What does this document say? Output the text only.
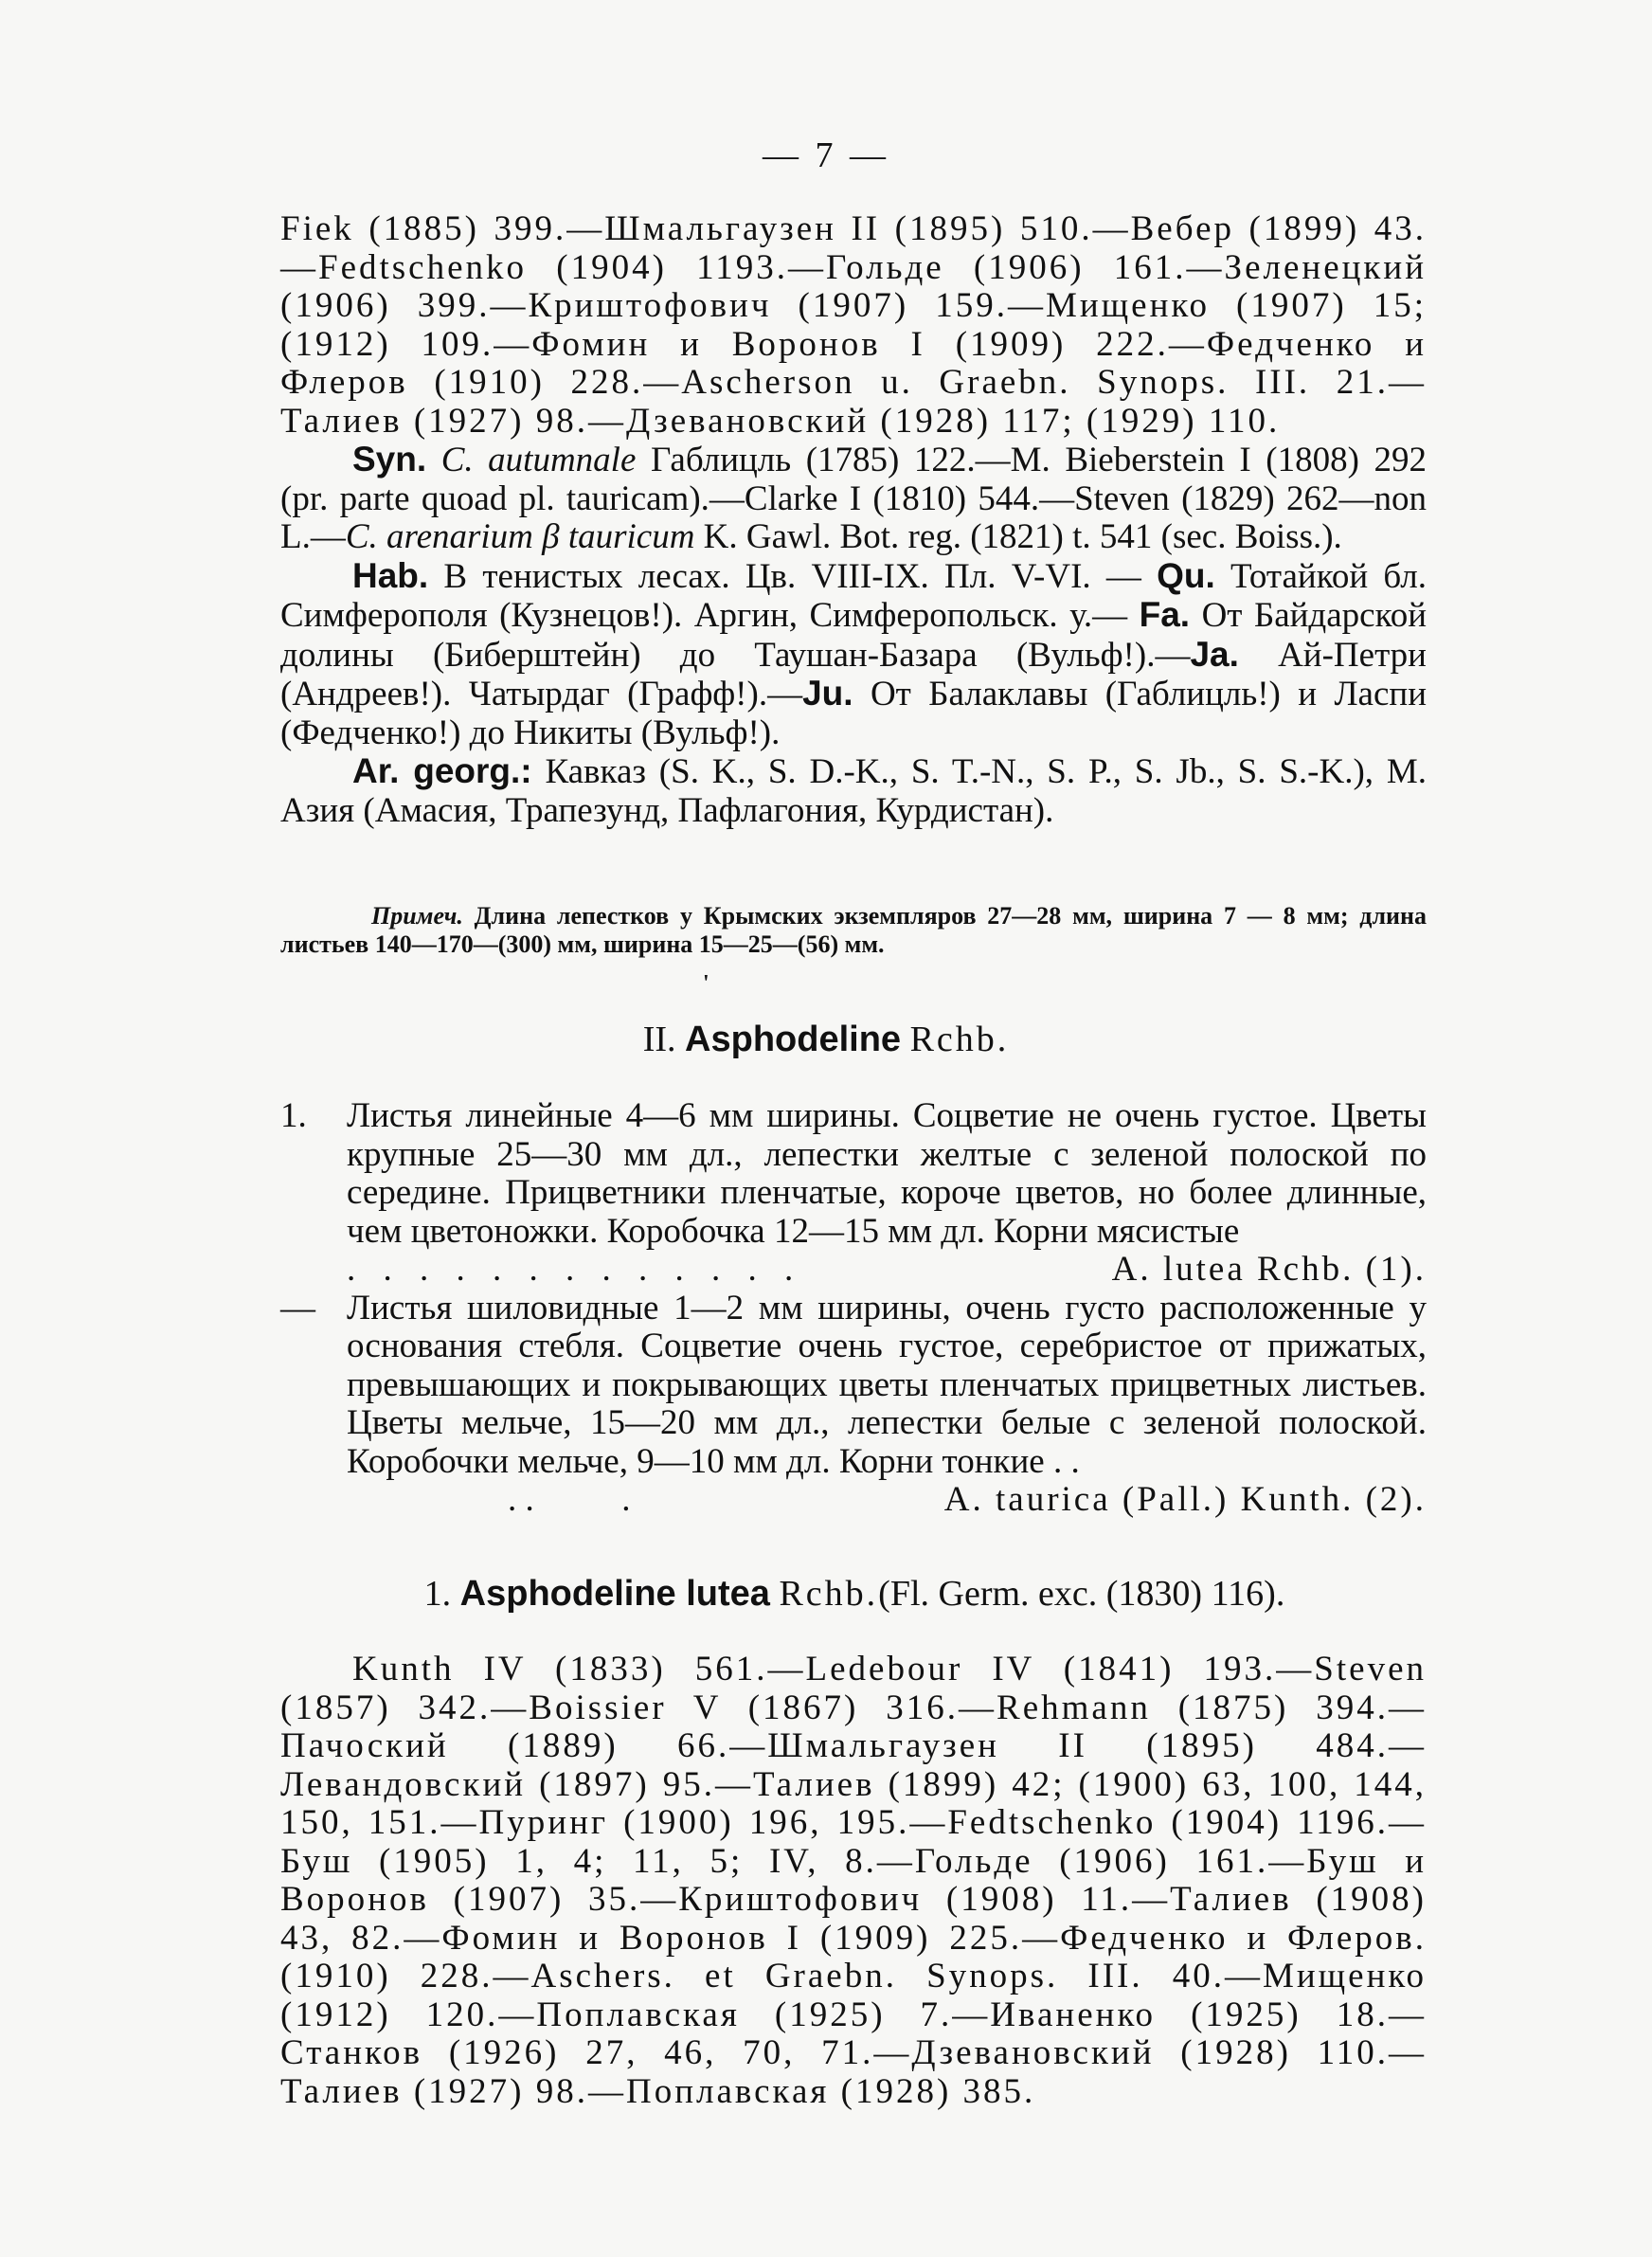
— 7 —

Fiek (1885) 399.—Шмальгаузен II (1895) 510.—Вебер (1899) 43.—Fedtschenko (1904) 1193.—Гольде (1906) 161.—Зеленецкий (1906) 399.—Криштофович (1907) 159.—Мищенко (1907) 15; (1912) 109.—Фомин и Воронов I (1909) 222.—Федченко и Флеров (1910) 228.—Ascherson u. Graebn. Synops. III. 21.—Талиев (1927) 98.—Дзевановский (1928) 117; (1929) 110.

Syn. C. autumnale Габлицль (1785) 122.—M. Bieberstein I (1808) 292 (pr. parte quoad pl. tauricam).—Clarke I (1810) 544.—Steven (1829) 262—non L.—C. arenarium β tauricum K. Gawl. Bot. reg. (1821) t. 541 (sec. Boiss.).

Hab. В тенистых лесах. Цв. VIII-IX. Пл. V-VI. — Qu. Тотайкой бл. Симферополя (Кузнецов!). Аргин, Симферопольск. у.— Fa. От Байдарской долины (Биберштейн) до Таушан-Базара (Вульф!).—Ja. Ай-Петри (Андреев!). Чатырдаг (Графф!).—Ju. От Балаклавы (Габлицль!) и Ласпи (Федченко!) до Никиты (Вульф!).

Ar. georg.: Кавказ (S. K., S. D.-K., S. T.-N., S. P., S. Jb., S. S.-K.), М. Азия (Амасия, Трапезунд, Пафлагония, Курдистан).

Примеч. Длина лепестков у Крымских экземпляров 27—28 мм, ширина 7 — 8 мм; длина листьев 140—170—(300) мм, ширина 15—25—(56) мм.
'
II. Asphodeline Rchb.
1. Листья линейные 4—6 мм ширины. Соцветие не очень густое. Цветы крупные 25—30 мм дл., лепестки желтые с зеленой полоской по середине. Прицветники пленчатые, короче цветов, но более длинные, чем цветоножки. Коробочка 12—15 мм дл. Корни мясистые
. . . . . . . . . . . . .	A. lutea Rchb. (1).
— Листья шиловидные 1—2 мм ширины, очень густо расположенные у основания стебля. Соцветие очень густое, серебристое от прижатых, превышающих и покрывающих цветы пленчатых прицветных листьев. Цветы мельче, 15—20 мм дл., лепестки белые с зеленой полоской. Коробочки мельче, 9—10 мм дл. Корни тонкие . .
. .          .	A. taurica (Pall.) Kunth. (2).
1. Asphodeline lutea Rchb.(Fl. Germ. exc. (1830) 116).

Kunth IV (1833) 561.—Ledebour IV (1841) 193.—Steven (1857) 342.—Boissier V (1867) 316.—Rehmann (1875) 394.—Пачоский (1889) 66.—Шмальгаузен II (1895) 484.—Левандовский (1897) 95.—Талиев (1899) 42; (1900) 63, 100, 144, 150, 151.—Пуринг (1900) 196, 195.—Fedtschenko (1904) 1196.—Буш (1905) 1, 4; 11, 5; IV, 8.—Гольде (1906) 161.—Буш и Воронов (1907) 35.—Криштофович (1908) 11.—Талиев (1908) 43, 82.—Фомин и Воронов I (1909) 225.—Федченко и Флеров. (1910) 228.—Aschers. et Graebn. Synops. III. 40.—Мищенко (1912) 120.—Поплавская (1925) 7.—Иваненко (1925) 18.—Станков (1926) 27, 46, 70, 71.—Дзевановский (1928) 110.—Талиев (1927) 98.—Поплавская (1928) 385.
